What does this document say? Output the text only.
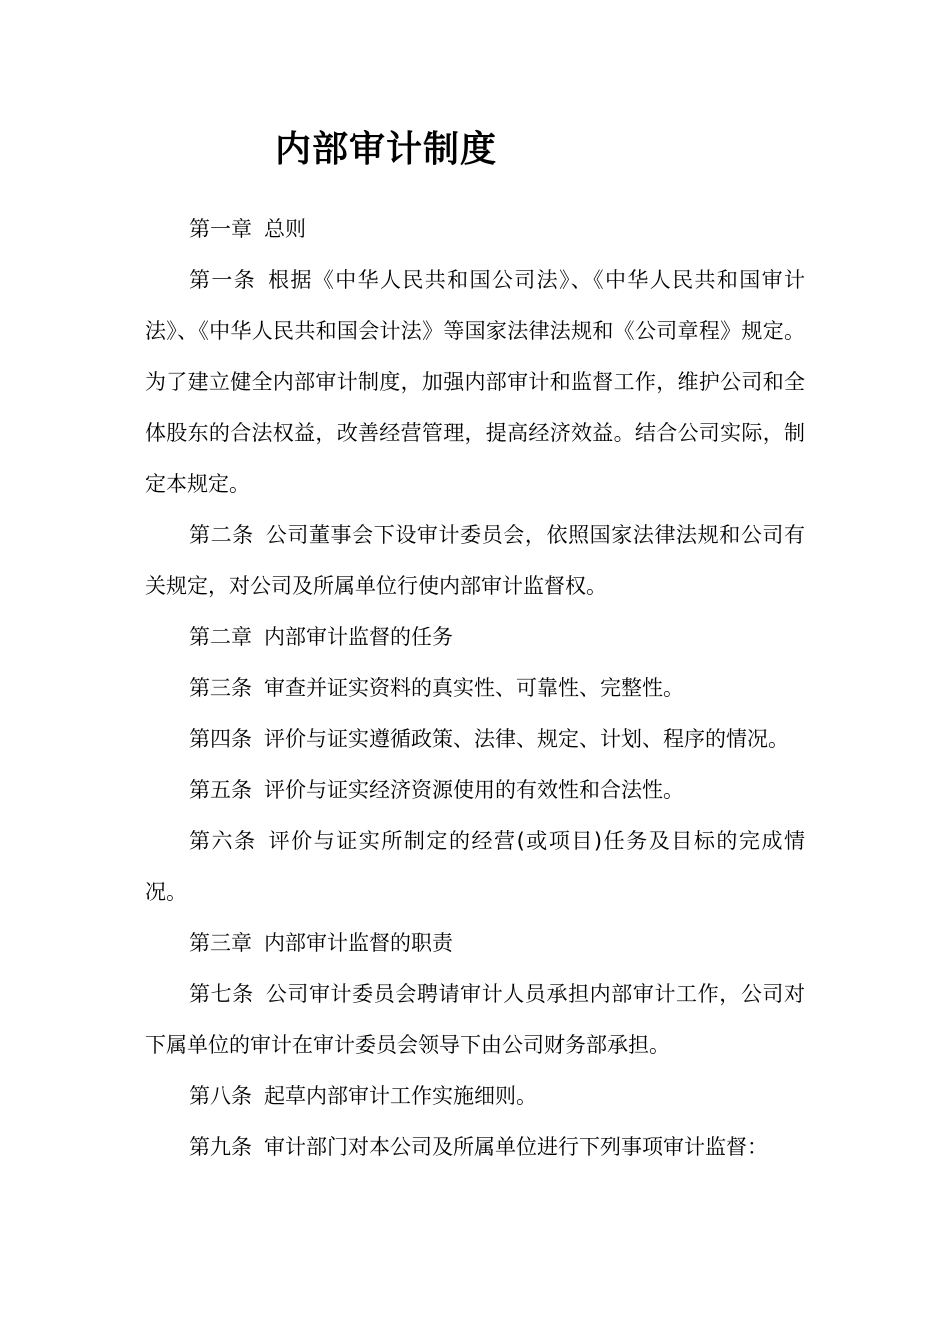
内部审计制度

第一章 总则

第一条 根据《中华人民共和国公司法》、《中华人民共和国审计法》、《中华人民共和国会计法》等国家法律法规和《公司章程》规定。为了建立健全内部审计制度，加强内部审计和监督工作，维护公司和全体股东的合法权益，改善经营管理，提高经济效益。结合公司实际，制定本规定。

第二条 公司董事会下设审计委员会，依照国家法律法规和公司有关规定，对公司及所属单位行使内部审计监督权。

第二章 内部审计监督的任务

第三条 审查并证实资料的真实性、可靠性、完整性。

第四条 评价与证实遵循政策、法律、规定、计划、程序的情况。

第五条 评价与证实经济资源使用的有效性和合法性。

第六条 评价与证实所制定的经营(或项目)任务及目标的完成情况。

第三章 内部审计监督的职责

第七条 公司审计委员会聘请审计人员承担内部审计工作，公司对下属单位的审计在审计委员会领导下由公司财务部承担。

第八条 起草内部审计工作实施细则。

第九条 审计部门对本公司及所属单位进行下列事项审计监督：
